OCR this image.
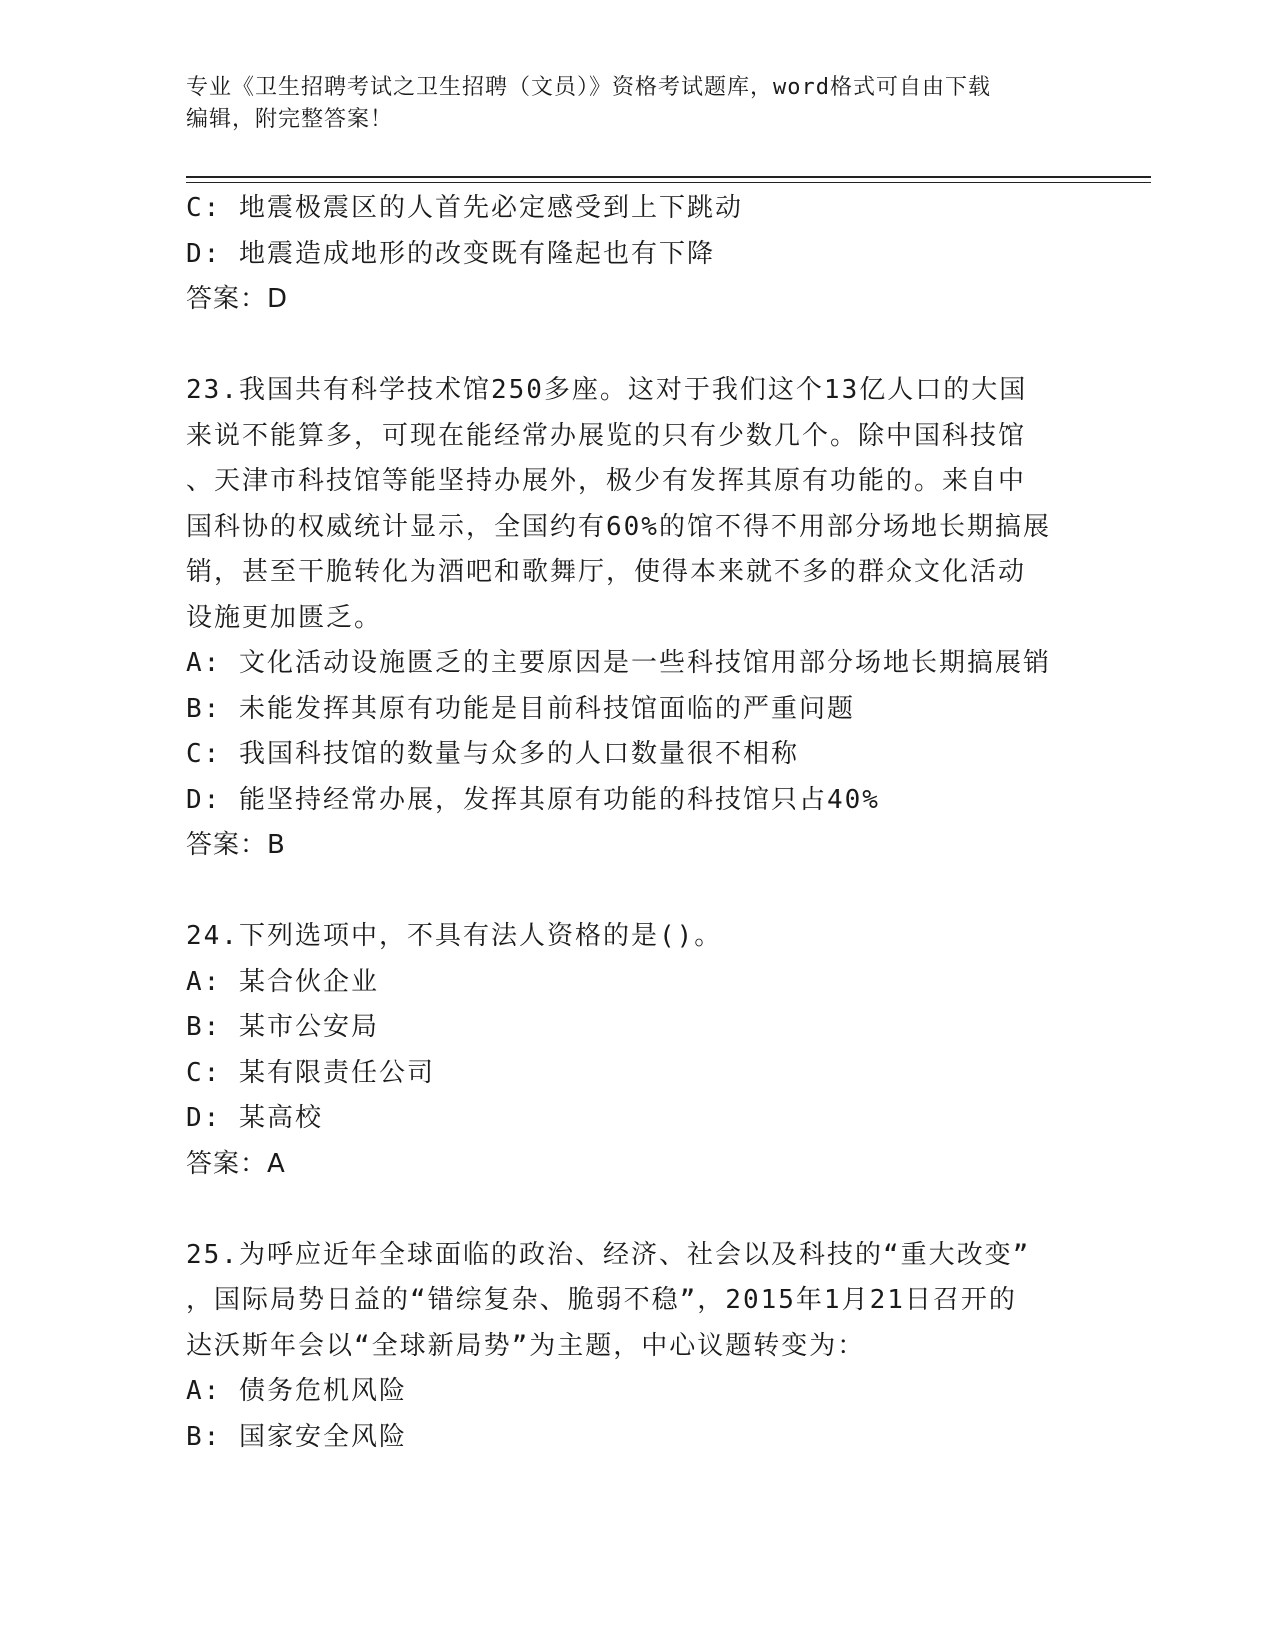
专业《卫生招聘考试之卫生招聘（文员）》资格考试题库，word格式可自由下载
编辑，附完整答案！
C: 地震极震区的人首先必定感受到上下跳动
D: 地震造成地形的改变既有隆起也有下降
答案：D
23.我国共有科学技术馆250多座。这对于我们这个13亿人口的大国
来说不能算多，可现在能经常办展览的只有少数几个。除中国科技馆
、天津市科技馆等能坚持办展外，极少有发挥其原有功能的。来自中
国科协的权威统计显示，全国约有60%的馆不得不用部分场地长期搞展
销，甚至干脆转化为酒吧和歌舞厅，使得本来就不多的群众文化活动
设施更加匮乏。
A: 文化活动设施匮乏的主要原因是一些科技馆用部分场地长期搞展销
B: 未能发挥其原有功能是目前科技馆面临的严重问题
C: 我国科技馆的数量与众多的人口数量很不相称
D: 能坚持经常办展，发挥其原有功能的科技馆只占40%
答案：B
24.下列选项中，不具有法人资格的是()。
A: 某合伙企业
B: 某市公安局
C: 某有限责任公司
D: 某高校
答案：A
25.为呼应近年全球面临的政治、经济、社会以及科技的“重大改变”
，国际局势日益的“错综复杂、脆弱不稳”，2015年1月21日召开的
达沃斯年会以“全球新局势”为主题，中心议题转变为：
A: 债务危机风险
B: 国家安全风险
